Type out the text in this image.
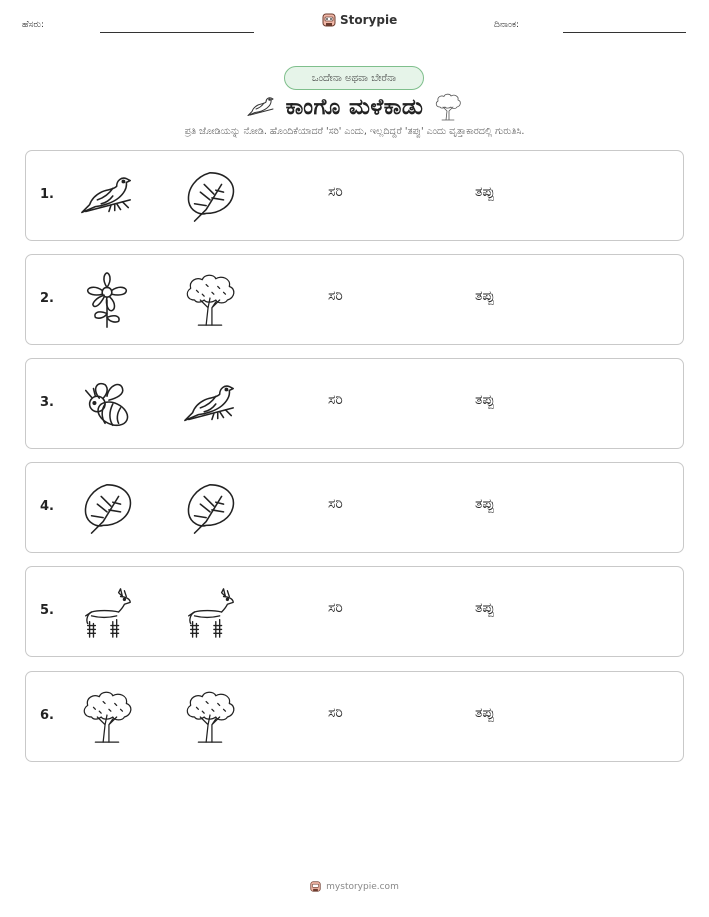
ಹೆಸರು:	Storypie	ದಿನಾಂಕ:
ಒಂದೇನಾ ಅಥವಾ ಬೇರೆನಾ
ಕಾಂಗೊ ಮಳೆಕಾಡು
ಪ್ರತಿ ಜೋಡಿಯನ್ನು ನೋಡಿ. ಹೊಂದಿಕೆಯಾದರೆ 'ಸರಿ' ಎಂದು, ಇಲ್ಲದಿದ್ದರೆ 'ತಪ್ಪು' ಎಂದು ವೃತ್ತಾಕಾರದಲ್ಲಿ ಗುರುತಿಸಿ.
1.	ಸರಿ	ತಪ್ಪು
2.	ಸರಿ	ತಪ್ಪು
3.	ಸರಿ	ತಪ್ಪು
4.	ಸರಿ	ತಪ್ಪು
5.	ಸರಿ	ತಪ್ಪು
6.	ಸರಿ	ತಪ್ಪು
mystorypie.com
